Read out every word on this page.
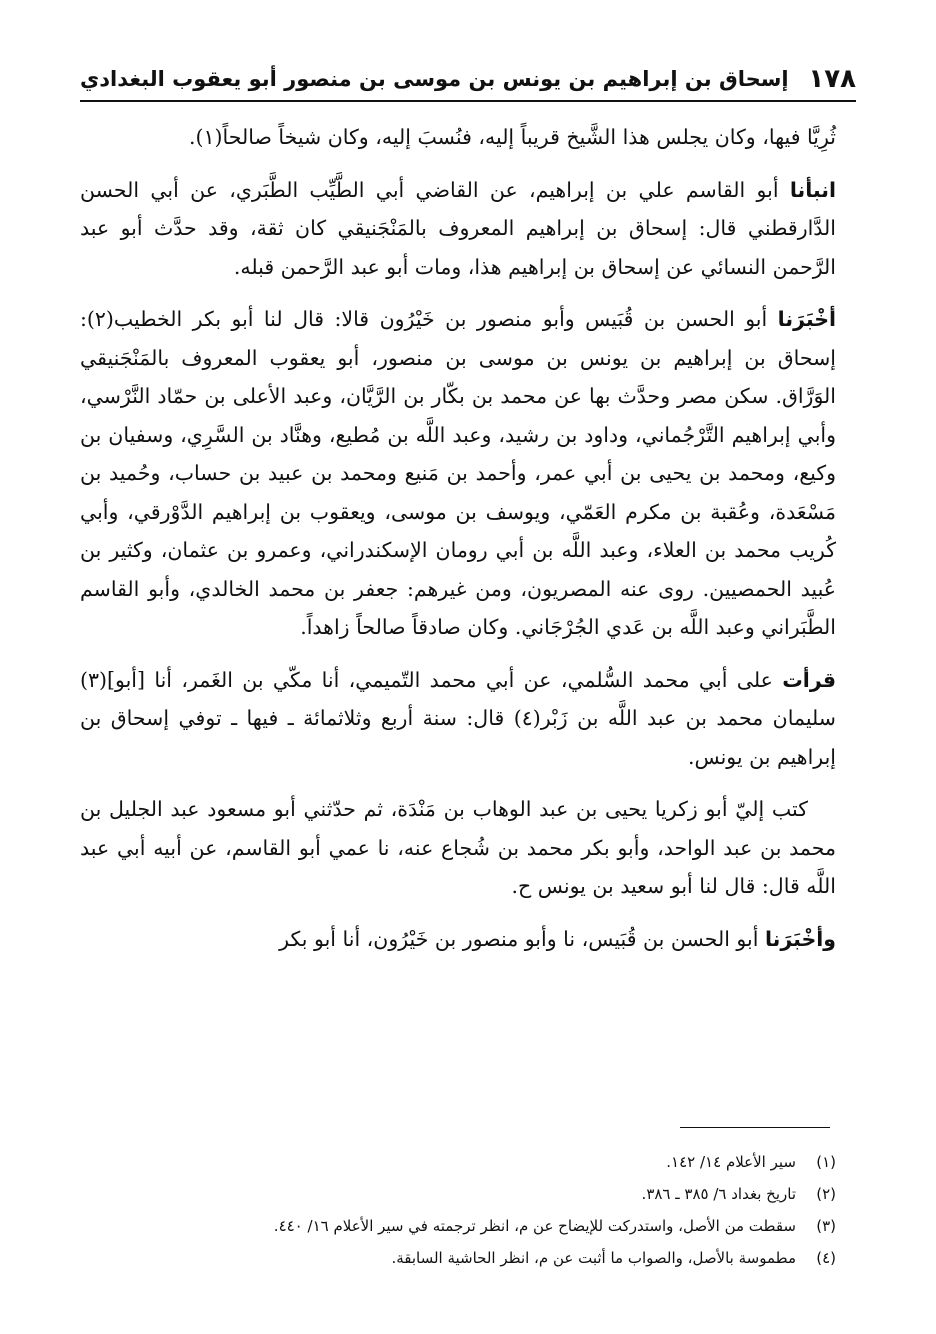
١٧٨
إسحاق بن إبراهيم بن يونس بن موسى بن منصور أبو يعقوب البغدادي

ثُرِيَّا فيها، وكان يجلس هذا الشَّيخ قريباً إليه، فنُسبَ إليه، وكان شيخاً صالحاً(١).

انبأنا أبو القاسم علي بن إبراهيم، عن القاضي أبي الطَّيِّب الطَّبَري، عن أبي الحسن الدَّارقطني قال: إسحاق بن إبراهيم المعروف بالمَنْجَنيقي كان ثقة، وقد حدَّث أبو عبد الرَّحمن النسائي عن إسحاق بن إبراهيم هذا، ومات أبو عبد الرَّحمن قبله.

أخْبَرَنا أبو الحسن بن قُبَيس وأبو منصور بن خَيْرُون قالا: قال لنا أبو بكر الخطيب(٢): إسحاق بن إبراهيم بن يونس بن موسى بن منصور، أبو يعقوب المعروف بالمَنْجَنيقي الوَرَّاق. سكن مصر وحدَّث بها عن محمد بن بكّار بن الرَّيَّان، وعبد الأعلى بن حمّاد النَّرْسي، وأبي إبراهيم التَّرْجُماني، وداود بن رشيد، وعبد اللَّه بن مُطيع، وهنَّاد بن السَّرِي، وسفيان بن وكيع، ومحمد بن يحيى بن أبي عمر، وأحمد بن مَنيع ومحمد بن عبيد بن حساب، وحُميد بن مَسْعَدة، وعُقبة بن مكرم العَمّي، ويوسف بن موسى، ويعقوب بن إبراهيم الدَّوْرقي، وأبي كُريب محمد بن العلاء، وعبد اللَّه بن أبي رومان الإسكندراني، وعمرو بن عثمان، وكثير بن عُبيد الحمصيين. روى عنه المصريون، ومن غيرهم: جعفر بن محمد الخالدي، وأبو القاسم الطَّبَراني وعبد اللَّه بن عَدي الجُرْجَاني. وكان صادقاً صالحاً زاهداً.

قرأت على أبي محمد السُّلمي، عن أبي محمد التّميمي، أنا مكّي بن الغَمر، أنا [أبو](٣) سليمان محمد بن عبد اللَّه بن زَبْر(٤) قال: سنة أربع وثلاثمائة ـ فيها ـ توفي إسحاق بن إبراهيم بن يونس.

كتب إليّ أبو زكريا يحيى بن عبد الوهاب بن مَنْدَة، ثم حدّثني أبو مسعود عبد الجليل بن محمد بن عبد الواحد، وأبو بكر محمد بن شُجاع عنه، نا عمي أبو القاسم، عن أبيه أبي عبد اللَّه قال: قال لنا أبو سعيد بن يونس ح.

وأخْبَرَنا أبو الحسن بن قُبَيس، نا وأبو منصور بن خَيْرُون، أنا أبو بكر

(١)
سير الأعلام ١٤/ ١٤٢.
(٢)
تاريخ بغداد ٦/ ٣٨٥ ـ ٣٨٦.
(٣)
سقطت من الأصل، واستدركت للإيضاح عن م، انظر ترجمته في سير الأعلام ١٦/ ٤٤٠.
(٤)
مطموسة بالأصل، والصواب ما أثبت عن م، انظر الحاشية السابقة.
